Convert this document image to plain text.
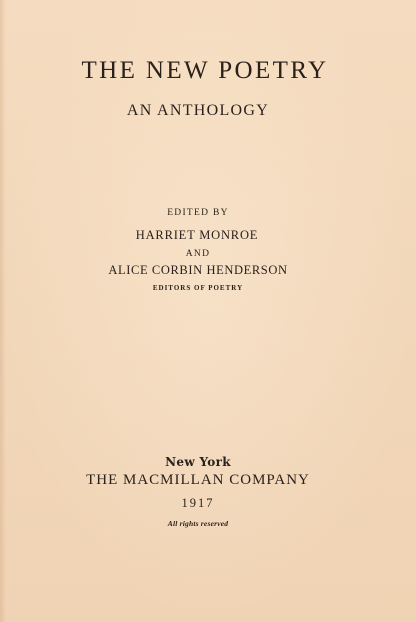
THE NEW POETRY

AN ANTHOLOGY

EDITED BY

HARRIET MONROE

AND

ALICE CORBIN HENDERSON

EDITORS OF POETRY

New York

THE MACMILLAN COMPANY

1917

All rights reserved
